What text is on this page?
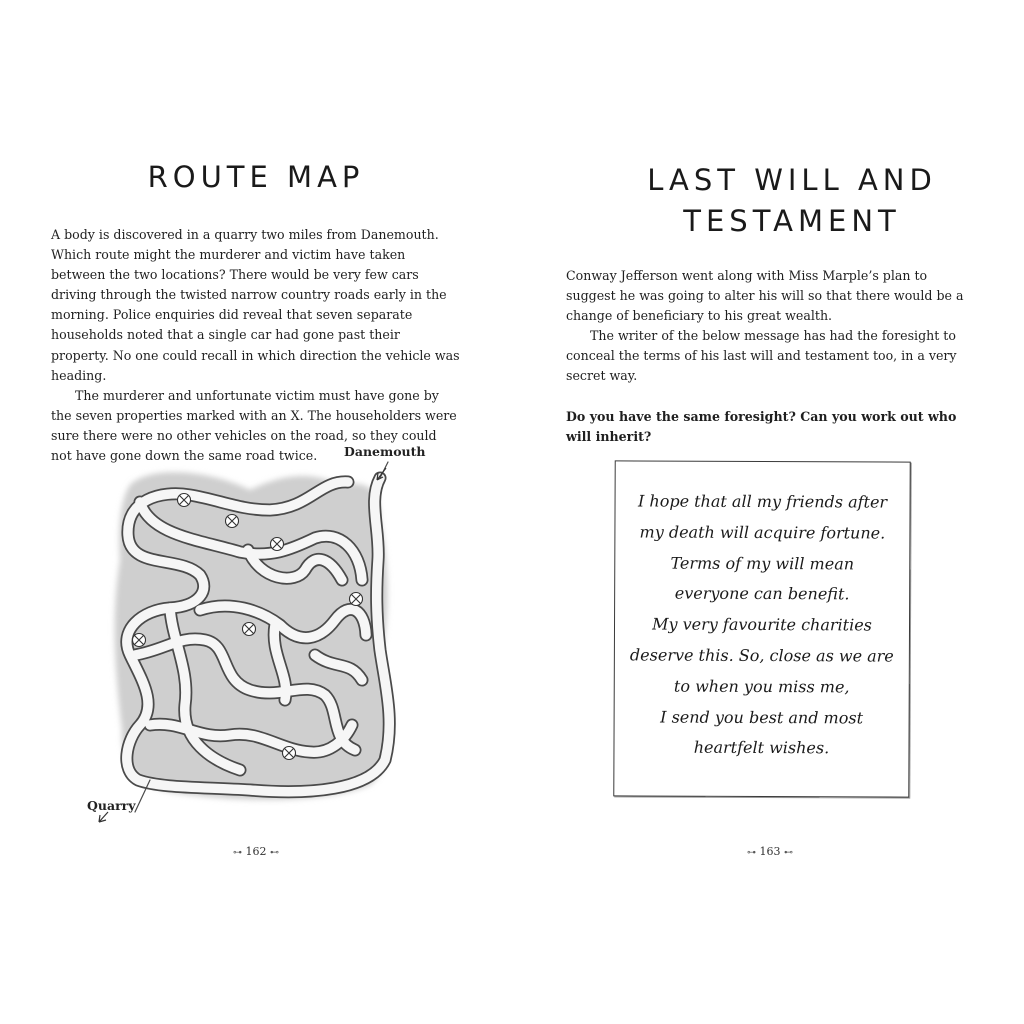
ROUTE MAP

A body is discovered in a quarry two miles from Danemouth. Which route might the murderer and victim have taken between the two locations? There would be very few cars driving through the twisted narrow country roads early in the morning. Police enquiries did reveal that seven separate households noted that a single car had gone past their property. No one could recall in which direction the vehicle was heading.

The murderer and unfortunate victim must have gone by the seven properties marked with an X. The householders were sure there were no other vehicles on the road, so they could not have gone down the same road twice.	Danemouth
Quarry
⊶ 162 ⊷
LAST WILL AND
TESTAMENT

Conway Jefferson went along with Miss Marple’s plan to suggest he was going to alter his will so that there would be a change of beneficiary to his great wealth.

The writer of the below message has had the foresight to conceal the terms of his last will and testament too, in a very secret way.

Do you have the same foresight? Can you work out who will inherit?

I hope that all my friends after
my death will acquire fortune.
Terms of my will mean
everyone can benefit.
My very favourite charities
deserve this. So, close as we are
to when you miss me,
I send you best and most
heartfelt wishes.
⊶ 163 ⊷
